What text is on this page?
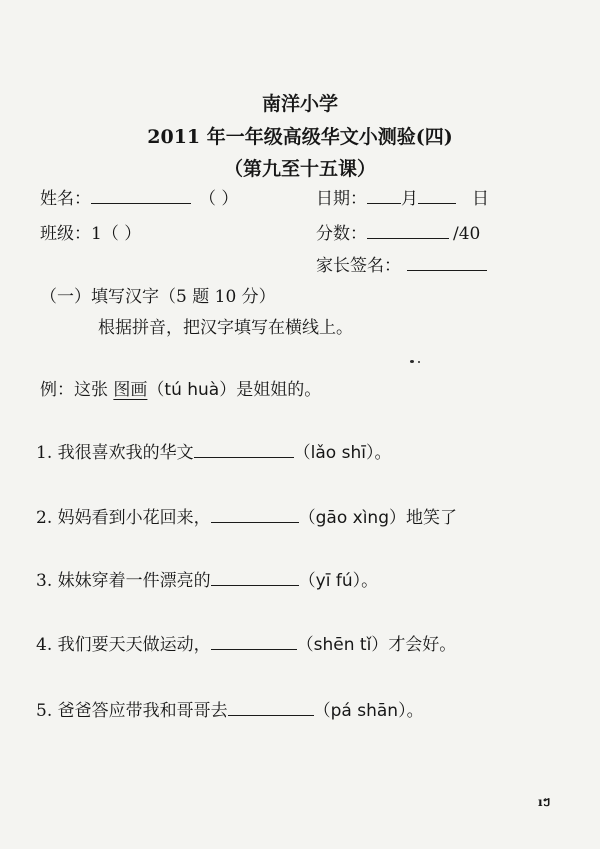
南洋小学
2011 年一年级高级华文小测验(四)
（第九至十五课）
姓名：	（ ）	日期： 月	日
班级：1（ ）	分数：	/40
家长签名：
（一）填写汉字（5 题 10 分）
根据拼音，把汉字填写在横线上。
例：这张 图画（tú huà）是姐姐的。
1. 我很喜欢我的华文	（lǎo shī）。
2. 妈妈看到小花回来，	（gāo xìng）地笑了
3. 妹妹穿着一件漂亮的	（yī fú）。
4. 我们要天天做运动，	（shēn tǐ）才会好。
5. 爸爸答应带我和哥哥去	（pá shān）。
ıៗ
